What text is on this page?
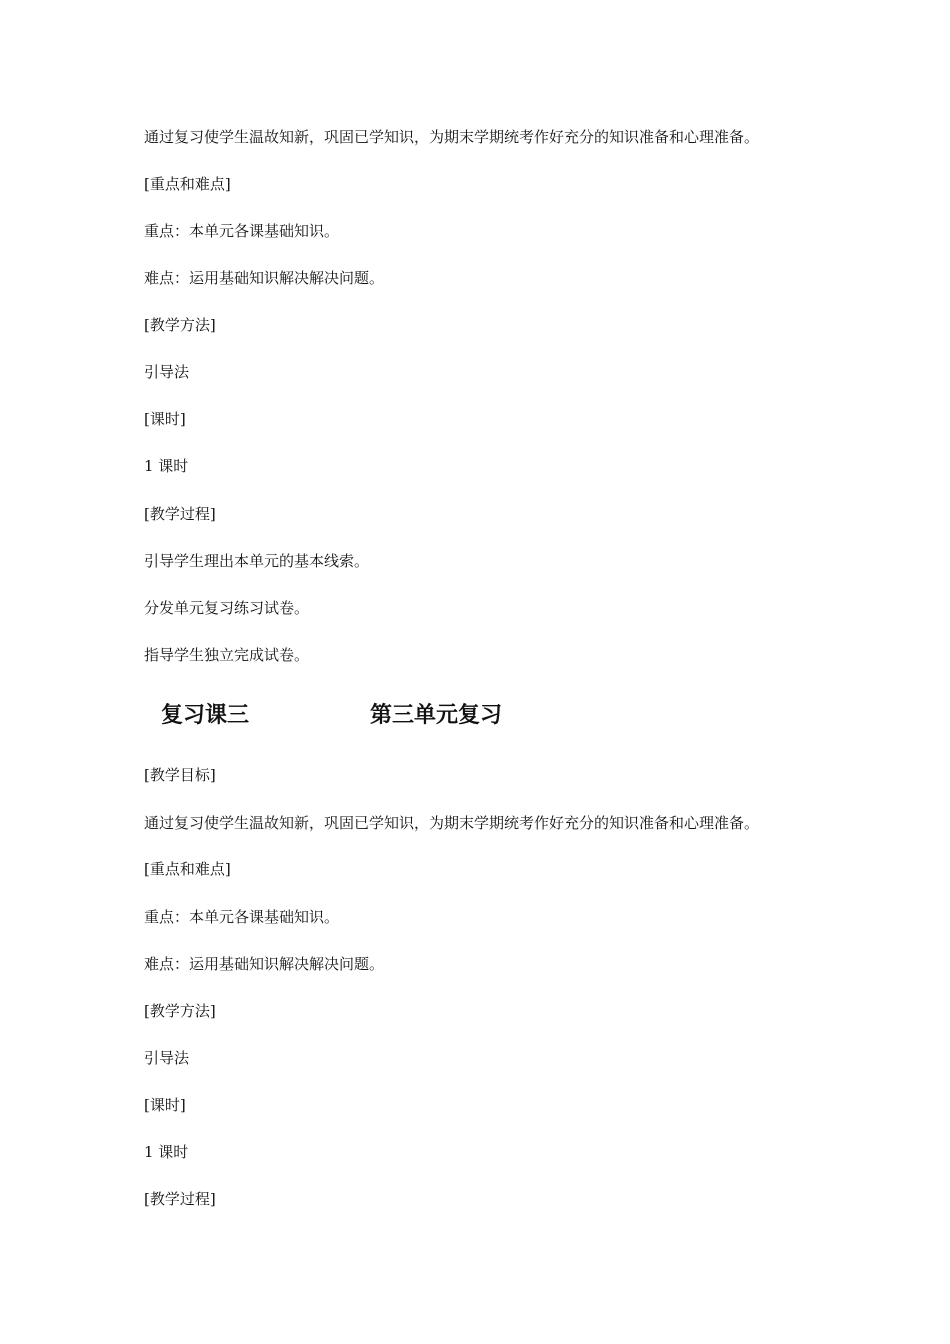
通过复习使学生温故知新，巩固已学知识，为期末学期统考作好充分的知识准备和心理准备。
[重点和难点]
重点：本单元各课基础知识。
难点：运用基础知识解决解决问题。
[教学方法]
引导法
[课时]
1 课时
[教学过程]
引导学生理出本单元的基本线索。
分发单元复习练习试卷。
指导学生独立完成试卷。
复习课三	第三单元复习
[教学目标]
通过复习使学生温故知新，巩固已学知识，为期末学期统考作好充分的知识准备和心理准备。
[重点和难点]
重点：本单元各课基础知识。
难点：运用基础知识解决解决问题。
[教学方法]
引导法
[课时]
1 课时
[教学过程]
